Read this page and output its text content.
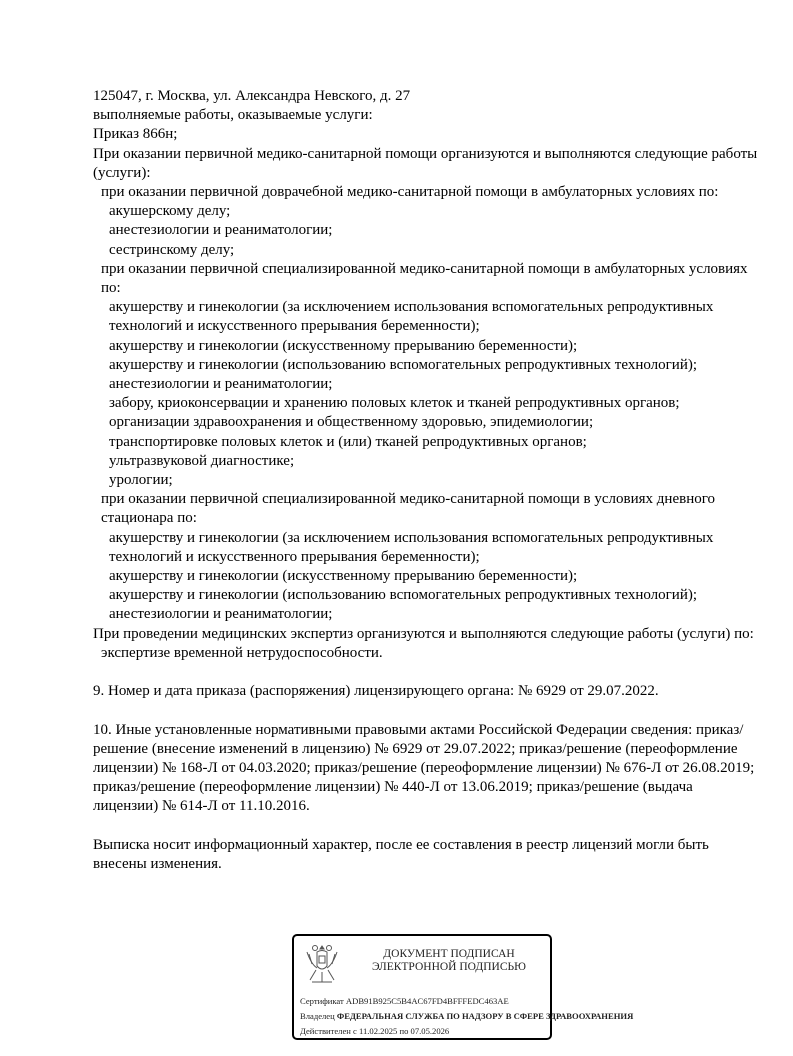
125047, г. Москва, ул. Александра Невского, д. 27
выполняемые работы, оказываемые услуги:
Приказ 866н;
При оказании первичной медико-санитарной помощи организуются и выполняются следующие работы (услуги):
при оказании первичной доврачебной медико-санитарной помощи в амбулаторных условиях по:
акушерскому делу;
анестезиологии и реаниматологии;
сестринскому делу;
при оказании первичной специализированной медико-санитарной помощи в амбулаторных условиях по:
акушерству и гинекологии (за исключением использования вспомогательных репродуктивных технологий и искусственного прерывания беременности);
акушерству и гинекологии (искусственному прерыванию беременности);
акушерству и гинекологии (использованию вспомогательных репродуктивных технологий);
анестезиологии и реаниматологии;
забору, криоконсервации и хранению половых клеток и тканей репродуктивных органов;
организации здравоохранения и общественному здоровью, эпидемиологии;
транспортировке половых клеток и (или) тканей репродуктивных органов;
ультразвуковой диагностике;
урологии;
при оказании первичной специализированной медико-санитарной помощи в условиях дневного стационара по:
акушерству и гинекологии (за исключением использования вспомогательных репродуктивных технологий и искусственного прерывания беременности);
акушерству и гинекологии (искусственному прерыванию беременности);
акушерству и гинекологии (использованию вспомогательных репродуктивных технологий);
анестезиологии и реаниматологии;
При проведении медицинских экспертиз организуются и выполняются следующие работы (услуги) по:
экспертизе временной нетрудоспособности.
9. Номер и дата приказа (распоряжения) лицензирующего органа: № 6929 от 29.07.2022.
10. Иные установленные нормативными правовыми актами Российской Федерации сведения: приказ/решение (внесение изменений в лицензию) № 6929 от 29.07.2022; приказ/решение (переоформление лицензии) № 168-Л от 04.03.2020; приказ/решение (переоформление лицензии) № 676-Л от 26.08.2019; приказ/решение (переоформление лицензии) № 440-Л от 13.06.2019; приказ/решение (выдача лицензии) № 614-Л от 11.10.2016.
Выписка носит информационный характер, после ее составления в реестр лицензий могли быть внесены изменения.
ДОКУМЕНТ ПОДПИСАН
ЭЛЕКТРОННОЙ ПОДПИСЬЮ
Сертификат ADB91B925C5B4AC67FD4BFFFEDC463AE
Владелец ФЕДЕРАЛЬНАЯ СЛУЖБА ПО НАДЗОРУ В СФЕРЕ ЗДРАВООХРАНЕНИЯ
Действителен с 11.02.2025 по 07.05.2026
